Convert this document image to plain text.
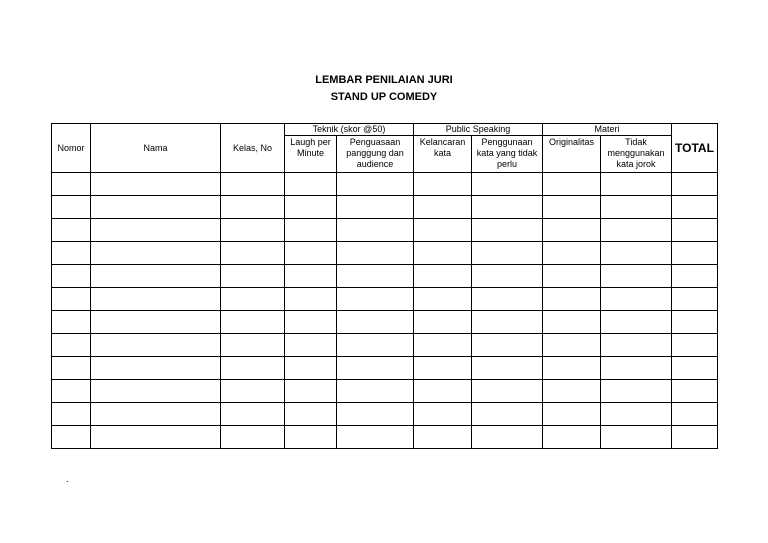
LEMBAR PENILAIAN JURI
STAND UP COMEDY
Nomor	Nama	Kelas, No	Teknik (skor @50)		Public Speaking		Materi		TOTAL
			Laugh per Minute	Penguasaan panggung dan audience	Kelancaran kata	Penggunaan kata yang tidak perlu	Originalitas	Tidak menggunakan kata jorok	

.
